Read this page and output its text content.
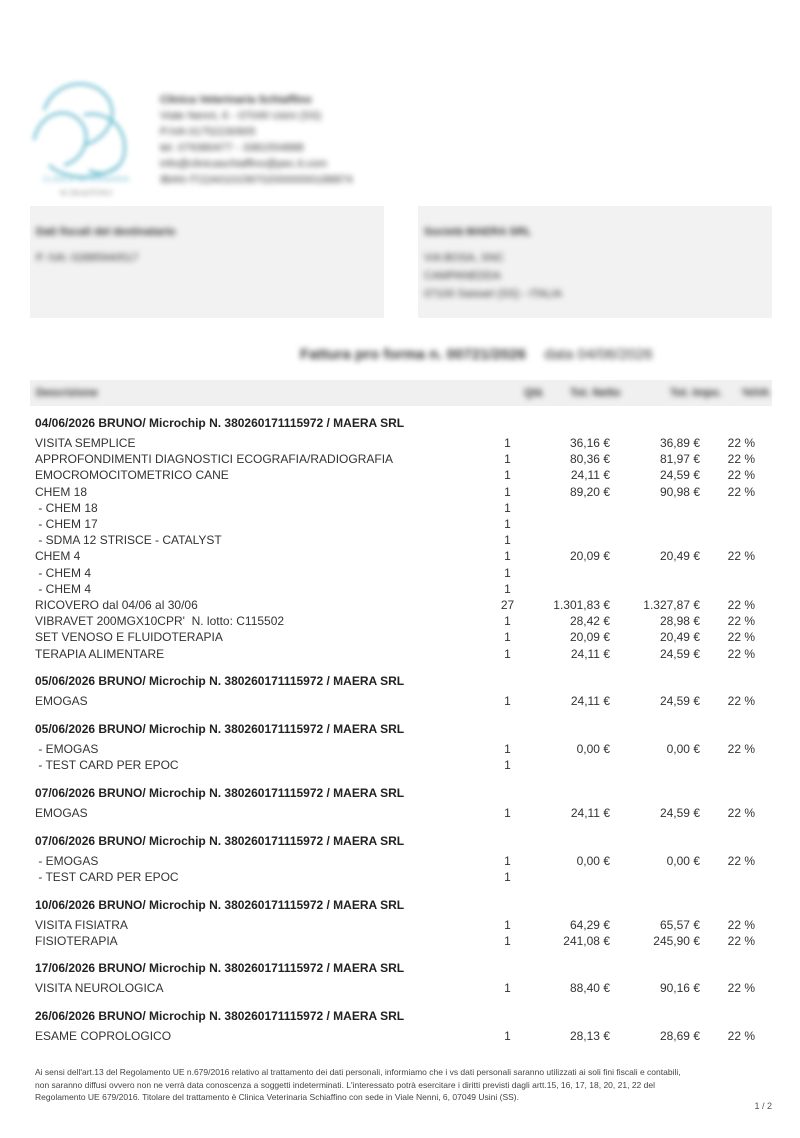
CLINICA VETERINARIA
SCHIAFFINO
Clinica Veterinaria Schiaffino
Viale Nenni, 6 - 07049 Usini (SS)
P.IVA 01752230905
tel. 079380477 - 3381554888
info@clinicaschiaffino@pec.it.com
IBAN IT22A0101587020000000188874
Dati fiscali del destinatario
P. IVA: 02885940517
Società MAERA SRL
VIA BOSA, SNC
CAMPANEDDA
07100 Sassari (SS) - ITALIA
Fattura pro forma n. 00721/2026 data 04/06/2026
Descrizione	Qtà	Tot. Netto	Tot. Impo. %IVA
04/06/2026 BRUNO/ Microchip N. 380260171115972 / MAERA SRL
VISITA SEMPLICE	1	36,16 €	36,89 €	22 %
APPROFONDIMENTI DIAGNOSTICI ECOGRAFIA/RADIOGRAFIA	1	80,36 €	81,97 €	22 %
EMOCROMOCITOMETRICO CANE	1	24,11 €	24,59 €	22 %
CHEM 18	1	89,20 €	90,98 €	22 %
- CHEM 18	1
- CHEM 17	1
- SDMA 12 STRISCE - CATALYST	1
CHEM 4	1	20,09 €	20,49 €	22 %
- CHEM 4	1
- CHEM 4	1
RICOVERO dal 04/06 al 30/06	27	1.301,83 €	1.327,87 €	22 %
VIBRAVET 200MGX10CPR'  N. lotto: C115502	1	28,42 €	28,98 €	22 %
SET VENOSO E FLUIDOTERAPIA	1	20,09 €	20,49 €	22 %
TERAPIA ALIMENTARE	1	24,11 €	24,59 €	22 %
05/06/2026 BRUNO/ Microchip N. 380260171115972 / MAERA SRL
EMOGAS	1	24,11 €	24,59 €	22 %
05/06/2026 BRUNO/ Microchip N. 380260171115972 / MAERA SRL
- EMOGAS	1	0,00 €	0,00 €	22 %
- TEST CARD PER EPOC	1
07/06/2026 BRUNO/ Microchip N. 380260171115972 / MAERA SRL
EMOGAS	1	24,11 €	24,59 €	22 %
07/06/2026 BRUNO/ Microchip N. 380260171115972 / MAERA SRL
- EMOGAS	1	0,00 €	0,00 €	22 %
- TEST CARD PER EPOC	1
10/06/2026 BRUNO/ Microchip N. 380260171115972 / MAERA SRL
VISITA FISIATRA	1	64,29 €	65,57 €	22 %
FISIOTERAPIA	1	241,08 €	245,90 €	22 %
17/06/2026 BRUNO/ Microchip N. 380260171115972 / MAERA SRL
VISITA NEUROLOGICA	1	88,40 €	90,16 €	22 %
26/06/2026 BRUNO/ Microchip N. 380260171115972 / MAERA SRL
ESAME COPROLOGICO	1	28,13 €	28,69 €	22 %
Ai sensi dell'art.13 del Regolamento UE n.679/2016 relativo al trattamento dei dati personali, informiamo che i vs dati personali saranno utilizzati ai soli fini fiscali e contabili, non saranno diffusi ovvero non ne verrà data conoscenza a soggetti indeterminati. L'interessato potrà esercitare i diritti previsti dagli artt.15, 16, 17, 18, 20, 21, 22 del Regolamento UE 679/2016. Titolare del trattamento è Clinica Veterinaria Schiaffino con sede in Viale Nenni, 6, 07049 Usini (SS).
1 / 2
